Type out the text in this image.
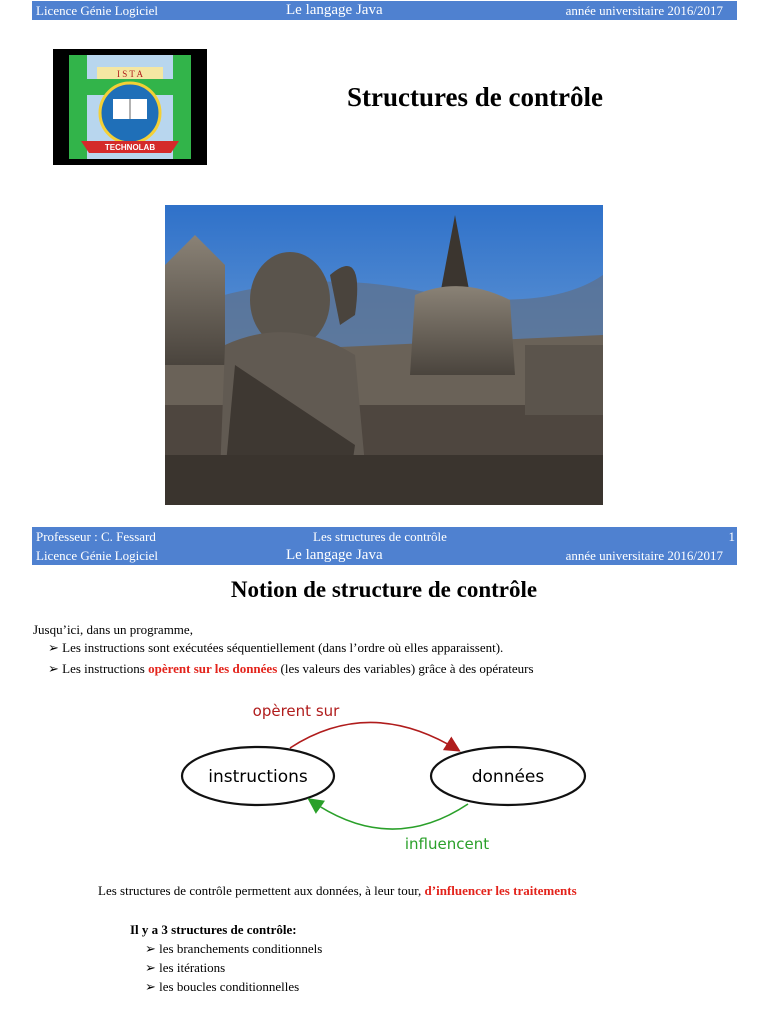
Licence Génie Logiciel	Le langage Java	année universitaire 2016/2017
I S T A
TECHNOLAB
Structures de contrôle
Professeur : C. Fessard	Les structures de contrôle	1
Licence Génie Logiciel	Le langage Java	année universitaire 2016/2017
Notion de structure de contrôle
Jusqu’ici, dans un programme,
➢ Les instructions sont exécutées séquentiellement (dans l’ordre où elles apparaissent).
➢ Les instructions opèrent sur les données (les valeurs des variables) grâce à des opérateurs
opèrent sur
instructions	données
influencent
Les structures de contrôle permettent aux données, à leur tour, d’influencer les traitements
Il y a 3 structures de contrôle:
➢ les branchements conditionnels
➢ les itérations
➢ les boucles conditionnelles
